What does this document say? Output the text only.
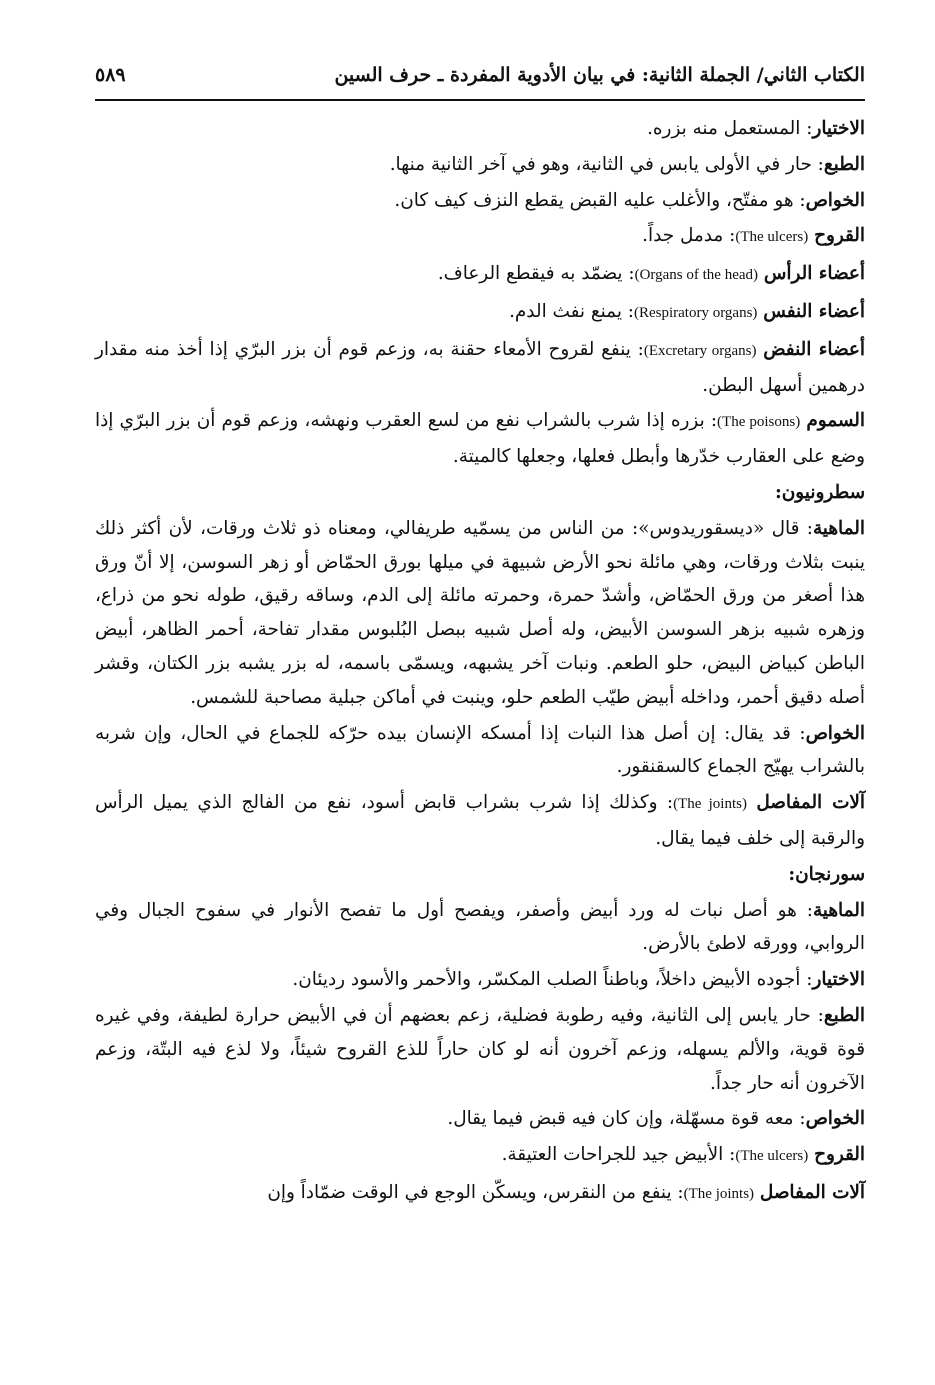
الكتاب الثاني/ الجملة الثانية: في بيان الأدوية المفردة ـ حرف السين
٥٨٩
الاختيار: المستعمل منه بزره.
الطبع: حار في الأولى يابس في الثانية، وهو في آخر الثانية منها.
الخواص: هو مفتّح، والأغلب عليه القبض يقطع النزف كيف كان.
القروح (The ulcers): مدمل جداً.
أعضاء الرأس (Organs of the head): يضمّد به فيقطع الرعاف.
أعضاء النفس (Respiratory organs): يمنع نفث الدم.
أعضاء النفض (Excretary organs): ينفع لقروح الأمعاء حقنة به، وزعم قوم أن بزر البرّي إذا أخذ منه مقدار درهمين أسهل البطن.
السموم (The poisons): بزره إذا شرب بالشراب نفع من لسع العقرب ونهشه، وزعم قوم أن بزر البرّي إذا وضع على العقارب خدّرها وأبطل فعلها، وجعلها كالميتة.
سطرونيون:
الماهية: قال «ديسقوريدوس»: من الناس من يسمّيه طريفالي، ومعناه ذو ثلاث ورقات، لأن أكثر ذلك ينبت بثلاث ورقات، وهي مائلة نحو الأرض شبيهة في ميلها بورق الحمّاض أو زهر السوسن، إلا أنّ ورق هذا أصغر من ورق الحمّاض، وأشدّ حمرة، وحمرته مائلة إلى الدم، وساقه رقيق، طوله نحو من ذراع، وزهره شبيه بزهر السوسن الأبيض، وله أصل شبيه ببصل البُلبوس مقدار تفاحة، أحمر الظاهر، أبيض الباطن كبياض البيض، حلو الطعم. ونبات آخر يشبهه، ويسمّى باسمه، له بزر يشبه بزر الكتان، وقشر أصله دقيق أحمر، وداخله أبيض طيّب الطعم حلو، وينبت في أماكن جبلية مصاحبة للشمس.
الخواص: قد يقال: إن أصل هذا النبات إذا أمسكه الإنسان بيده حرّكه للجماع في الحال، وإن شربه بالشراب يهيّج الجماع كالسقنقور.
آلات المفاصل (The joints): وكذلك إذا شرب بشراب قابض أسود، نفع من الفالج الذي يميل الرأس والرقبة إلى خلف فيما يقال.
سورنجان:
الماهية: هو أصل نبات له ورد أبيض وأصفر، ويفصح أول ما تفصح الأنوار في سفوح الجبال وفي الروابي، وورقه لاطئ بالأرض.
الاختيار: أجوده الأبيض داخلاً، وباطناً الصلب المكسّر، والأحمر والأسود رديئان.
الطبع: حار يابس إلى الثانية، وفيه رطوبة فضلية، زعم بعضهم أن في الأبيض حرارة لطيفة، وفي غيره قوة قوية، والألم يسهله، وزعم آخرون أنه لو كان حاراً للذع القروح شيئاً، ولا لذع فيه البتّة، وزعم الآخرون أنه حار جداً.
الخواص: معه قوة مسهّلة، وإن كان فيه قبض فيما يقال.
القروح (The ulcers): الأبيض جيد للجراحات العتيقة.
آلات المفاصل (The joints): ينفع من النقرس، ويسكّن الوجع في الوقت ضمّاداً وإن
